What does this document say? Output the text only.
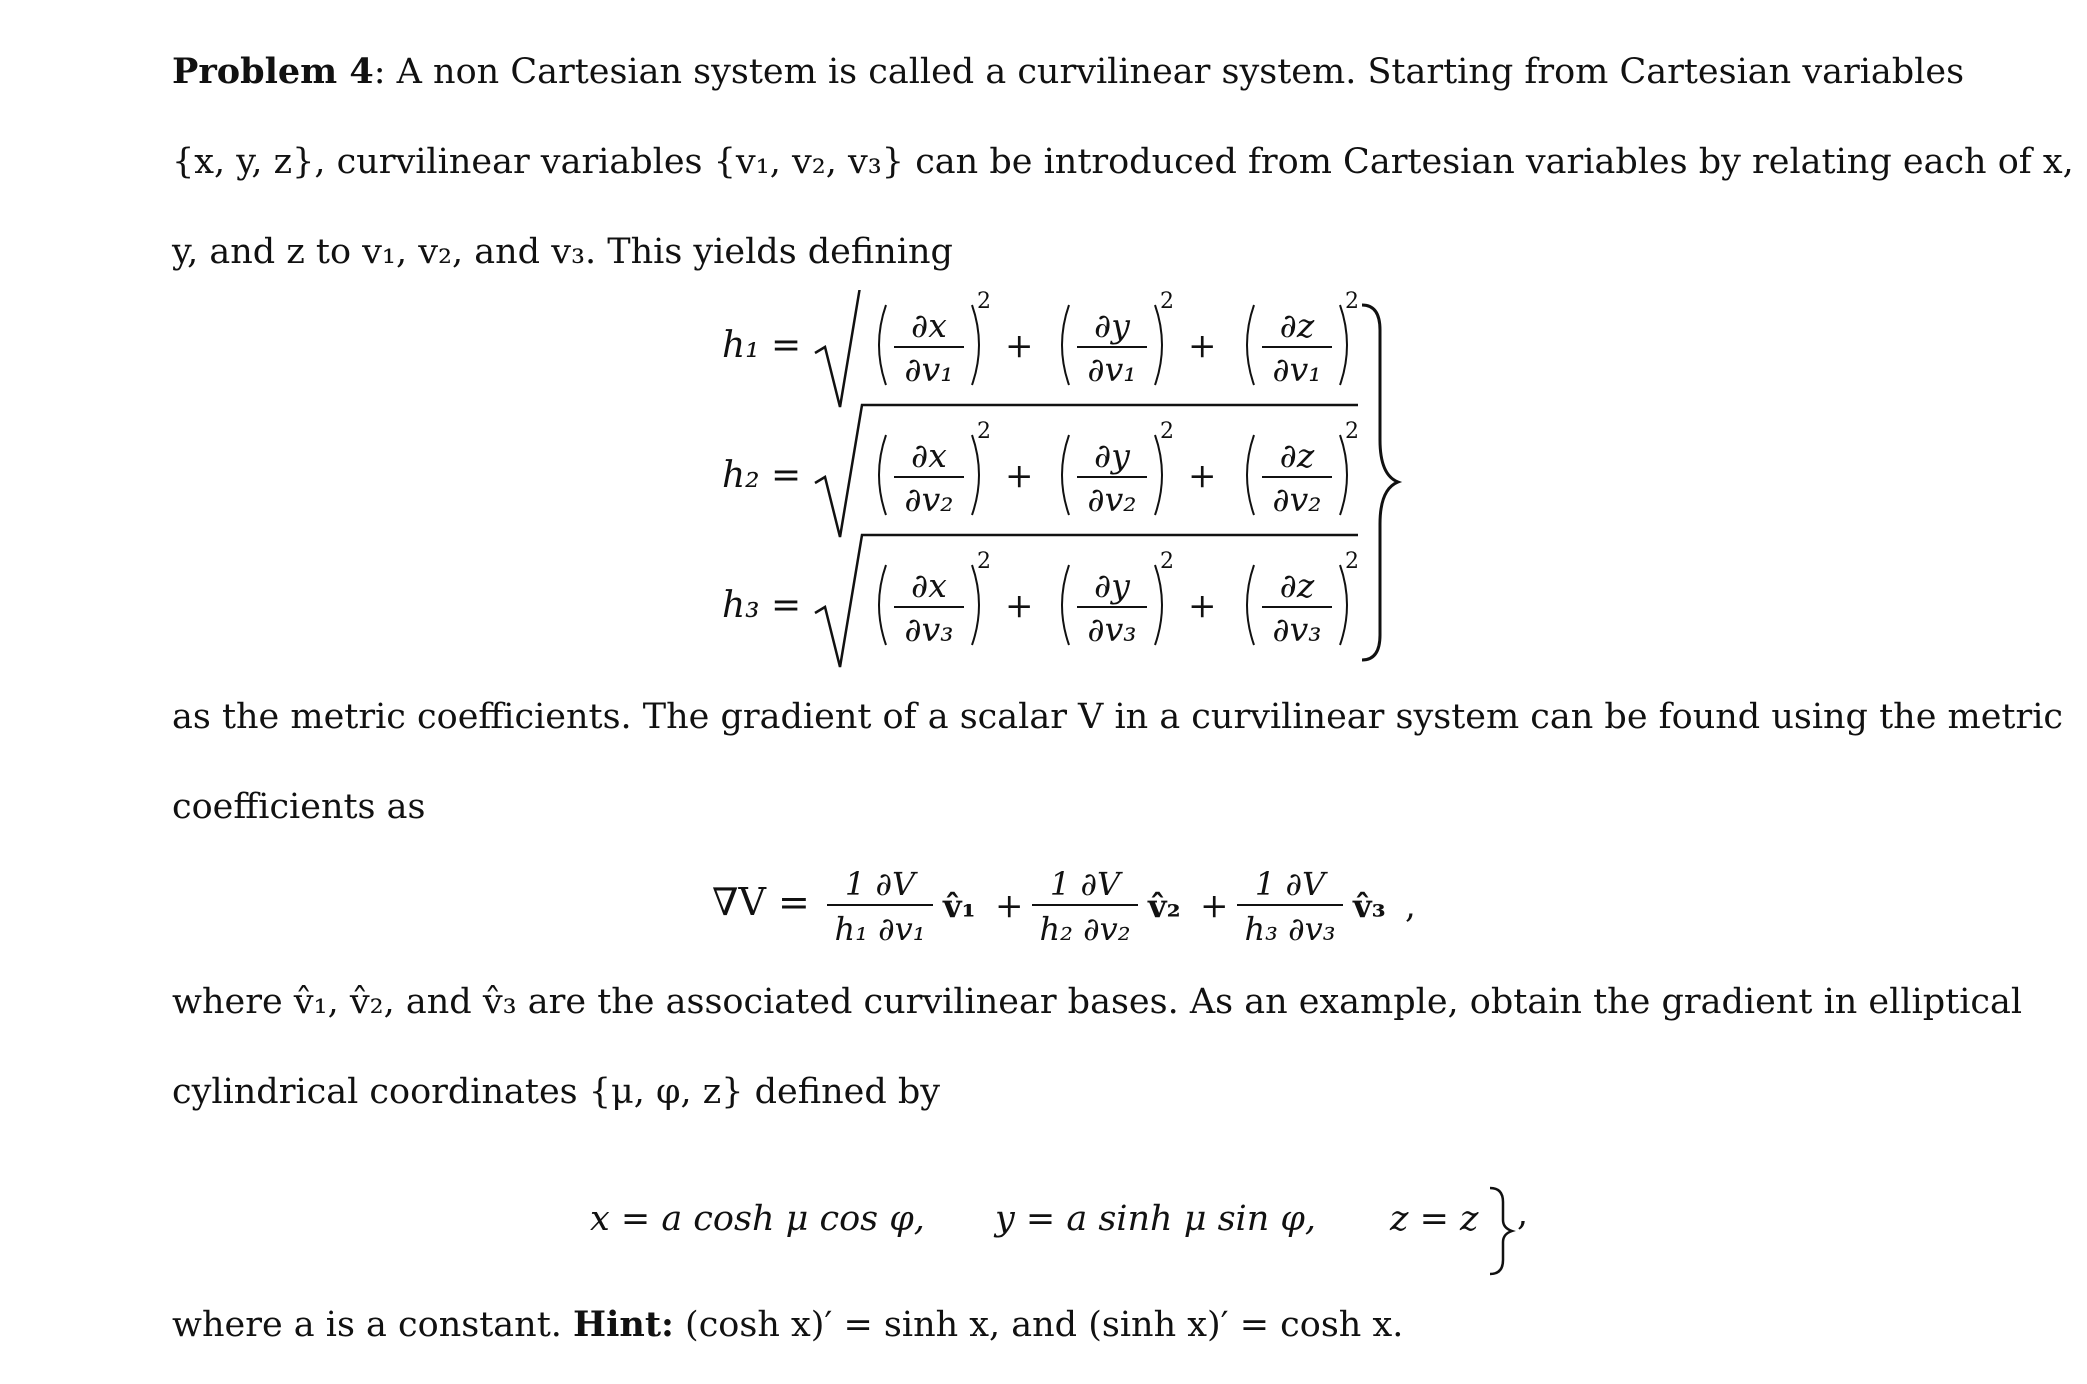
Problem 4: A non Cartesian system is called a curvilinear system. Starting from Cartesian variables
{x, y, z}, curvilinear variables {v₁, v₂, v₃} can be introduced from Cartesian variables by relating each of x,
y, and z to v₁, v₂, and v₃. This yields defining
h₁ =	∂x
∂v₁
2
+
∂y
∂v₁
2
+
∂z
∂v₁
2
h₂ =	∂x
∂v₂
2
+
∂y
∂v₂
2
+
∂z
∂v₂
2
h₃ =	∂x
∂v₃
2
+
∂y
∂v₃
2
+
∂z
∂v₃
2
as the metric coefficients. The gradient of a scalar V in a curvilinear system can be found using the metric
coefficients as
∇V = 1 ∂V
h₁ ∂v₁
v̂₁ +
1 ∂V
h₂ ∂v₂
v̂₂ +
1 ∂V
h₃ ∂v₃
v̂₃ ,
where v̂₁, v̂₂, and v̂₃ are the associated curvilinear bases. As an example, obtain the gradient in elliptical
cylindrical coordinates {μ, φ, z} defined by
x = a cosh μ cos φ, y = a sinh μ sin φ, z = z ,
where a is a constant. Hint: (cosh x)′ = sinh x, and (sinh x)′ = cosh x.
